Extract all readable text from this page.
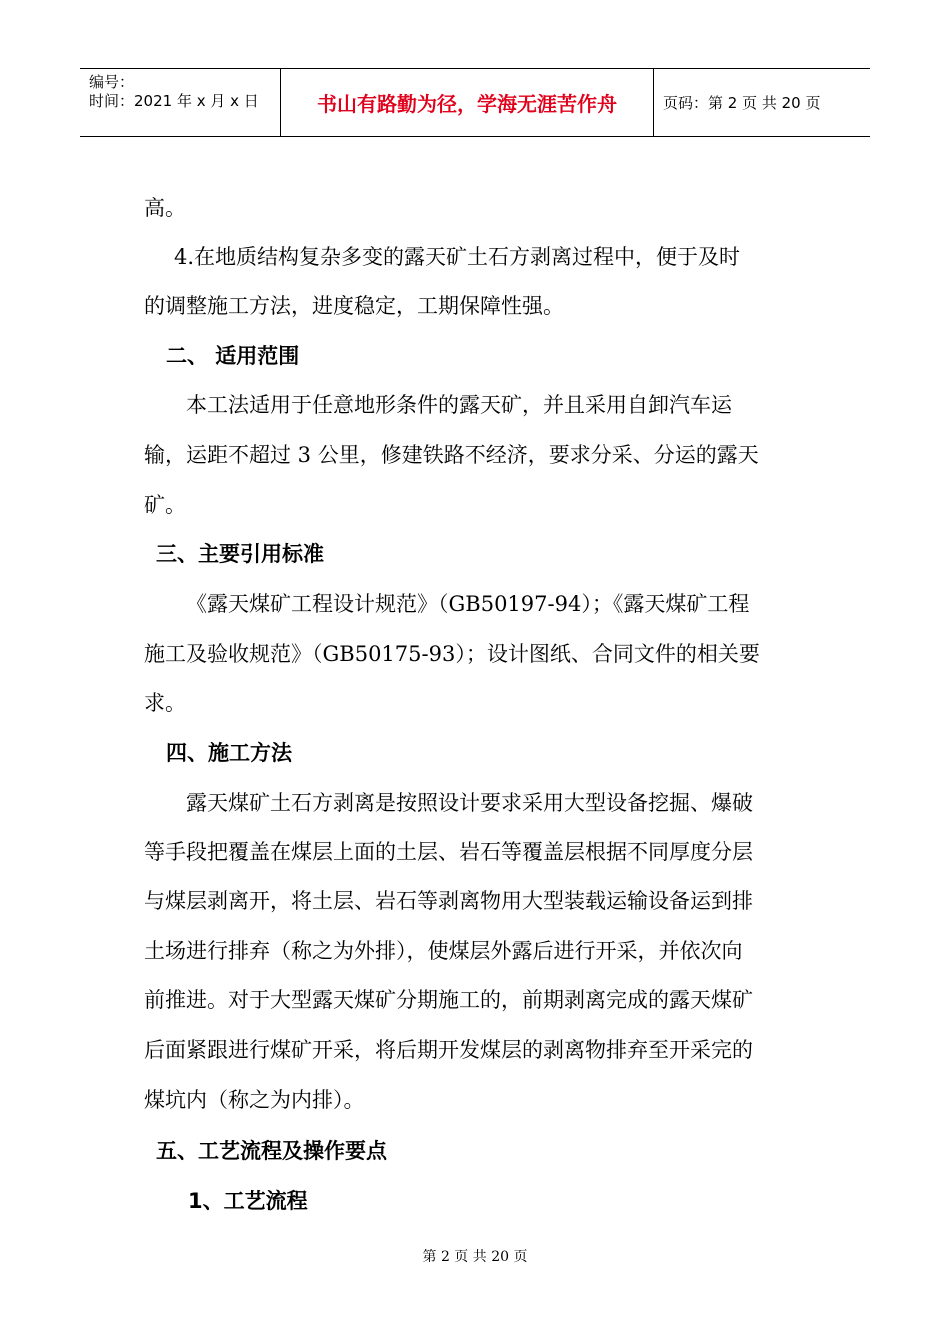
编号：
时间：2021 年 x 月 x 日	书山有路勤为径，学海无涯苦作舟	页码：第 2 页 共 20 页
高。
4.在地质结构复杂多变的露天矿土石方剥离过程中，便于及时
的调整施工方法，进度稳定，工期保障性强。
二、 适用范围
本工法适用于任意地形条件的露天矿，并且采用自卸汽车运
输，运距不超过 3 公里，修建铁路不经济，要求分采、分运的露天
矿。
三、主要引用标准
《露天煤矿工程设计规范》（GB50197-94）；《露天煤矿工程
施工及验收规范》（GB50175-93）；设计图纸、合同文件的相关要
求。
四、施工方法
露天煤矿土石方剥离是按照设计要求采用大型设备挖掘、爆破
等手段把覆盖在煤层上面的土层、岩石等覆盖层根据不同厚度分层
与煤层剥离开，将土层、岩石等剥离物用大型装载运输设备运到排
土场进行排弃（称之为外排），使煤层外露后进行开采，并依次向
前推进。对于大型露天煤矿分期施工的，前期剥离完成的露天煤矿
后面紧跟进行煤矿开采，将后期开发煤层的剥离物排弃至开采完的
煤坑内（称之为内排）。
五、工艺流程及操作要点
1、工艺流程
第 2 页 共 20 页
